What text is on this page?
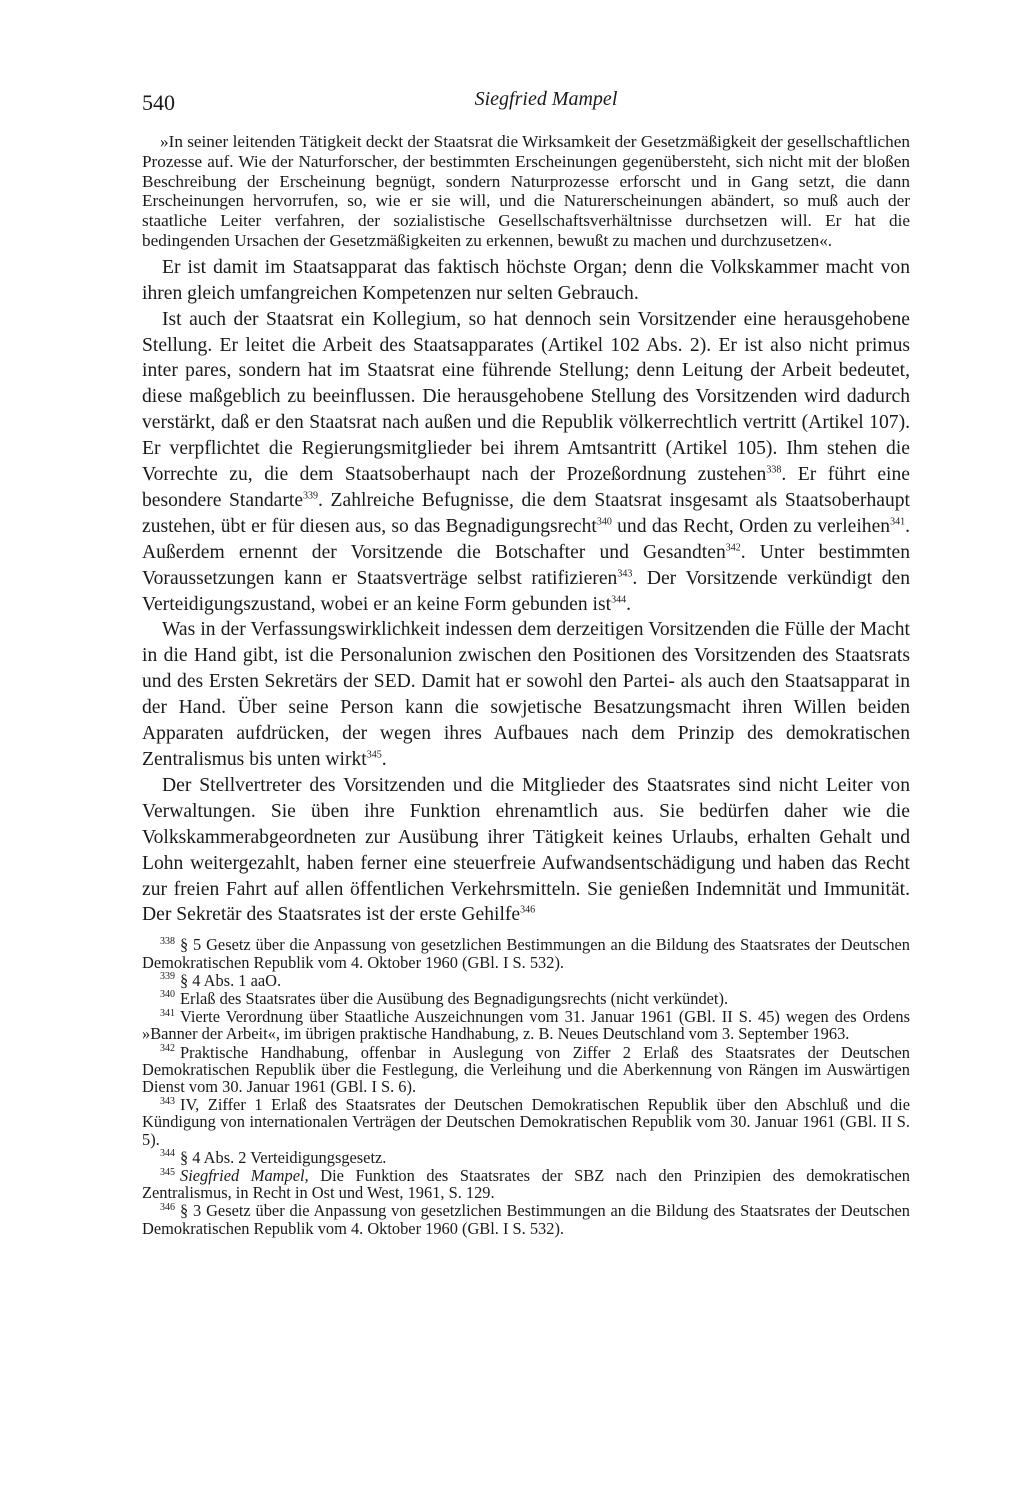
540	Siegfried Mampel

»In seiner leitenden Tätigkeit deckt der Staatsrat die Wirksamkeit der Gesetzmäßigkeit der gesellschaftlichen Prozesse auf. Wie der Naturforscher, der bestimmten Erscheinungen gegenübersteht, sich nicht mit der bloßen Beschreibung der Erscheinung begnügt, sondern Naturprozesse erforscht und in Gang setzt, die dann Erscheinungen hervorrufen, so, wie er sie will, und die Naturerscheinungen abändert, so muß auch der staatliche Leiter verfahren, der sozialistische Gesellschaftsverhältnisse durchsetzen will. Er hat die bedingenden Ursachen der Gesetzmäßigkeiten zu erkennen, bewußt zu machen und durchzusetzen«.

Er ist damit im Staatsapparat das faktisch höchste Organ; denn die Volkskammer macht von ihren gleich umfangreichen Kompetenzen nur selten Gebrauch.

Ist auch der Staatsrat ein Kollegium, so hat dennoch sein Vorsitzender eine herausgehobene Stellung. Er leitet die Arbeit des Staatsapparates (Artikel 102 Abs. 2). Er ist also nicht primus inter pares, sondern hat im Staatsrat eine führende Stellung; denn Leitung der Arbeit bedeutet, diese maßgeblich zu beeinflussen. Die herausgehobene Stellung des Vorsitzenden wird dadurch verstärkt, daß er den Staatsrat nach außen und die Republik völkerrechtlich vertritt (Artikel 107). Er verpflichtet die Regierungsmitglieder bei ihrem Amtsantritt (Artikel 105). Ihm stehen die Vorrechte zu, die dem Staatsoberhaupt nach der Prozeßordnung zustehen$^{338}$. Er führt eine besondere Standarte$^{339}$. Zahlreiche Befugnisse, die dem Staatsrat insgesamt als Staatsoberhaupt zustehen, übt er für diesen aus, so das Begnadigungsrecht$^{340}$ und das Recht, Orden zu verleihen$^{341}$. Außerdem ernennt der Vorsitzende die Botschafter und Gesandten$^{342}$. Unter bestimmten Voraussetzungen kann er Staatsverträge selbst ratifizieren$^{343}$. Der Vorsitzende verkündigt den Verteidigungszustand, wobei er an keine Form gebunden ist$^{344}$.

Was in der Verfassungswirklichkeit indessen dem derzeitigen Vorsitzenden die Fülle der Macht in die Hand gibt, ist die Personalunion zwischen den Positionen des Vorsitzenden des Staatsrats und des Ersten Sekretärs der SED. Damit hat er sowohl den Partei- als auch den Staatsapparat in der Hand. Über seine Person kann die sowjetische Besatzungsmacht ihren Willen beiden Apparaten aufdrücken, der wegen ihres Aufbaues nach dem Prinzip des demokratischen Zentralismus bis unten wirkt$^{345}$.

Der Stellvertreter des Vorsitzenden und die Mitglieder des Staatsrates sind nicht Leiter von Verwaltungen. Sie üben ihre Funktion ehrenamtlich aus. Sie bedürfen daher wie die Volkskammerabgeordneten zur Ausübung ihrer Tätigkeit keines Urlaubs, erhalten Gehalt und Lohn weitergezahlt, haben ferner eine steuerfreie Aufwandsentschädigung und haben das Recht zur freien Fahrt auf allen öffentlichen Verkehrsmitteln. Sie genießen Indemnität und Immunität. Der Sekretär des Staatsrates ist der erste Gehilfe$^{346}$

$^{338}$ § 5 Gesetz über die Anpassung von gesetzlichen Bestimmungen an die Bildung des Staatsrates der Deutschen Demokratischen Republik vom 4. Oktober 1960 (GBl. I S. 532).

$^{339}$ § 4 Abs. 1 aaO.

$^{340}$ Erlaß des Staatsrates über die Ausübung des Begnadigungsrechts (nicht verkündet).

$^{341}$ Vierte Verordnung über Staatliche Auszeichnungen vom 31. Januar 1961 (GBl. II S. 45) wegen des Ordens »Banner der Arbeit«, im übrigen praktische Handhabung, z. B. Neues Deutschland vom 3. September 1963.

$^{342}$ Praktische Handhabung, offenbar in Auslegung von Ziffer 2 Erlaß des Staatsrates der Deutschen Demokratischen Republik über die Festlegung, die Verleihung und die Aberkennung von Rängen im Auswärtigen Dienst vom 30. Januar 1961 (GBl. I S. 6).

$^{343}$ IV, Ziffer 1 Erlaß des Staatsrates der Deutschen Demokratischen Republik über den Abschluß und die Kündigung von internationalen Verträgen der Deutschen Demokratischen Republik vom 30. Januar 1961 (GBl. II S. 5).

$^{344}$ § 4 Abs. 2 Verteidigungsgesetz.

$^{345}$ Siegfried Mampel, Die Funktion des Staatsrates der SBZ nach den Prinzipien des demokratischen Zentralismus, in Recht in Ost und West, 1961, S. 129.

$^{346}$ § 3 Gesetz über die Anpassung von gesetzlichen Bestimmungen an die Bildung des Staatsrates der Deutschen Demokratischen Republik vom 4. Oktober 1960 (GBl. I S. 532).
